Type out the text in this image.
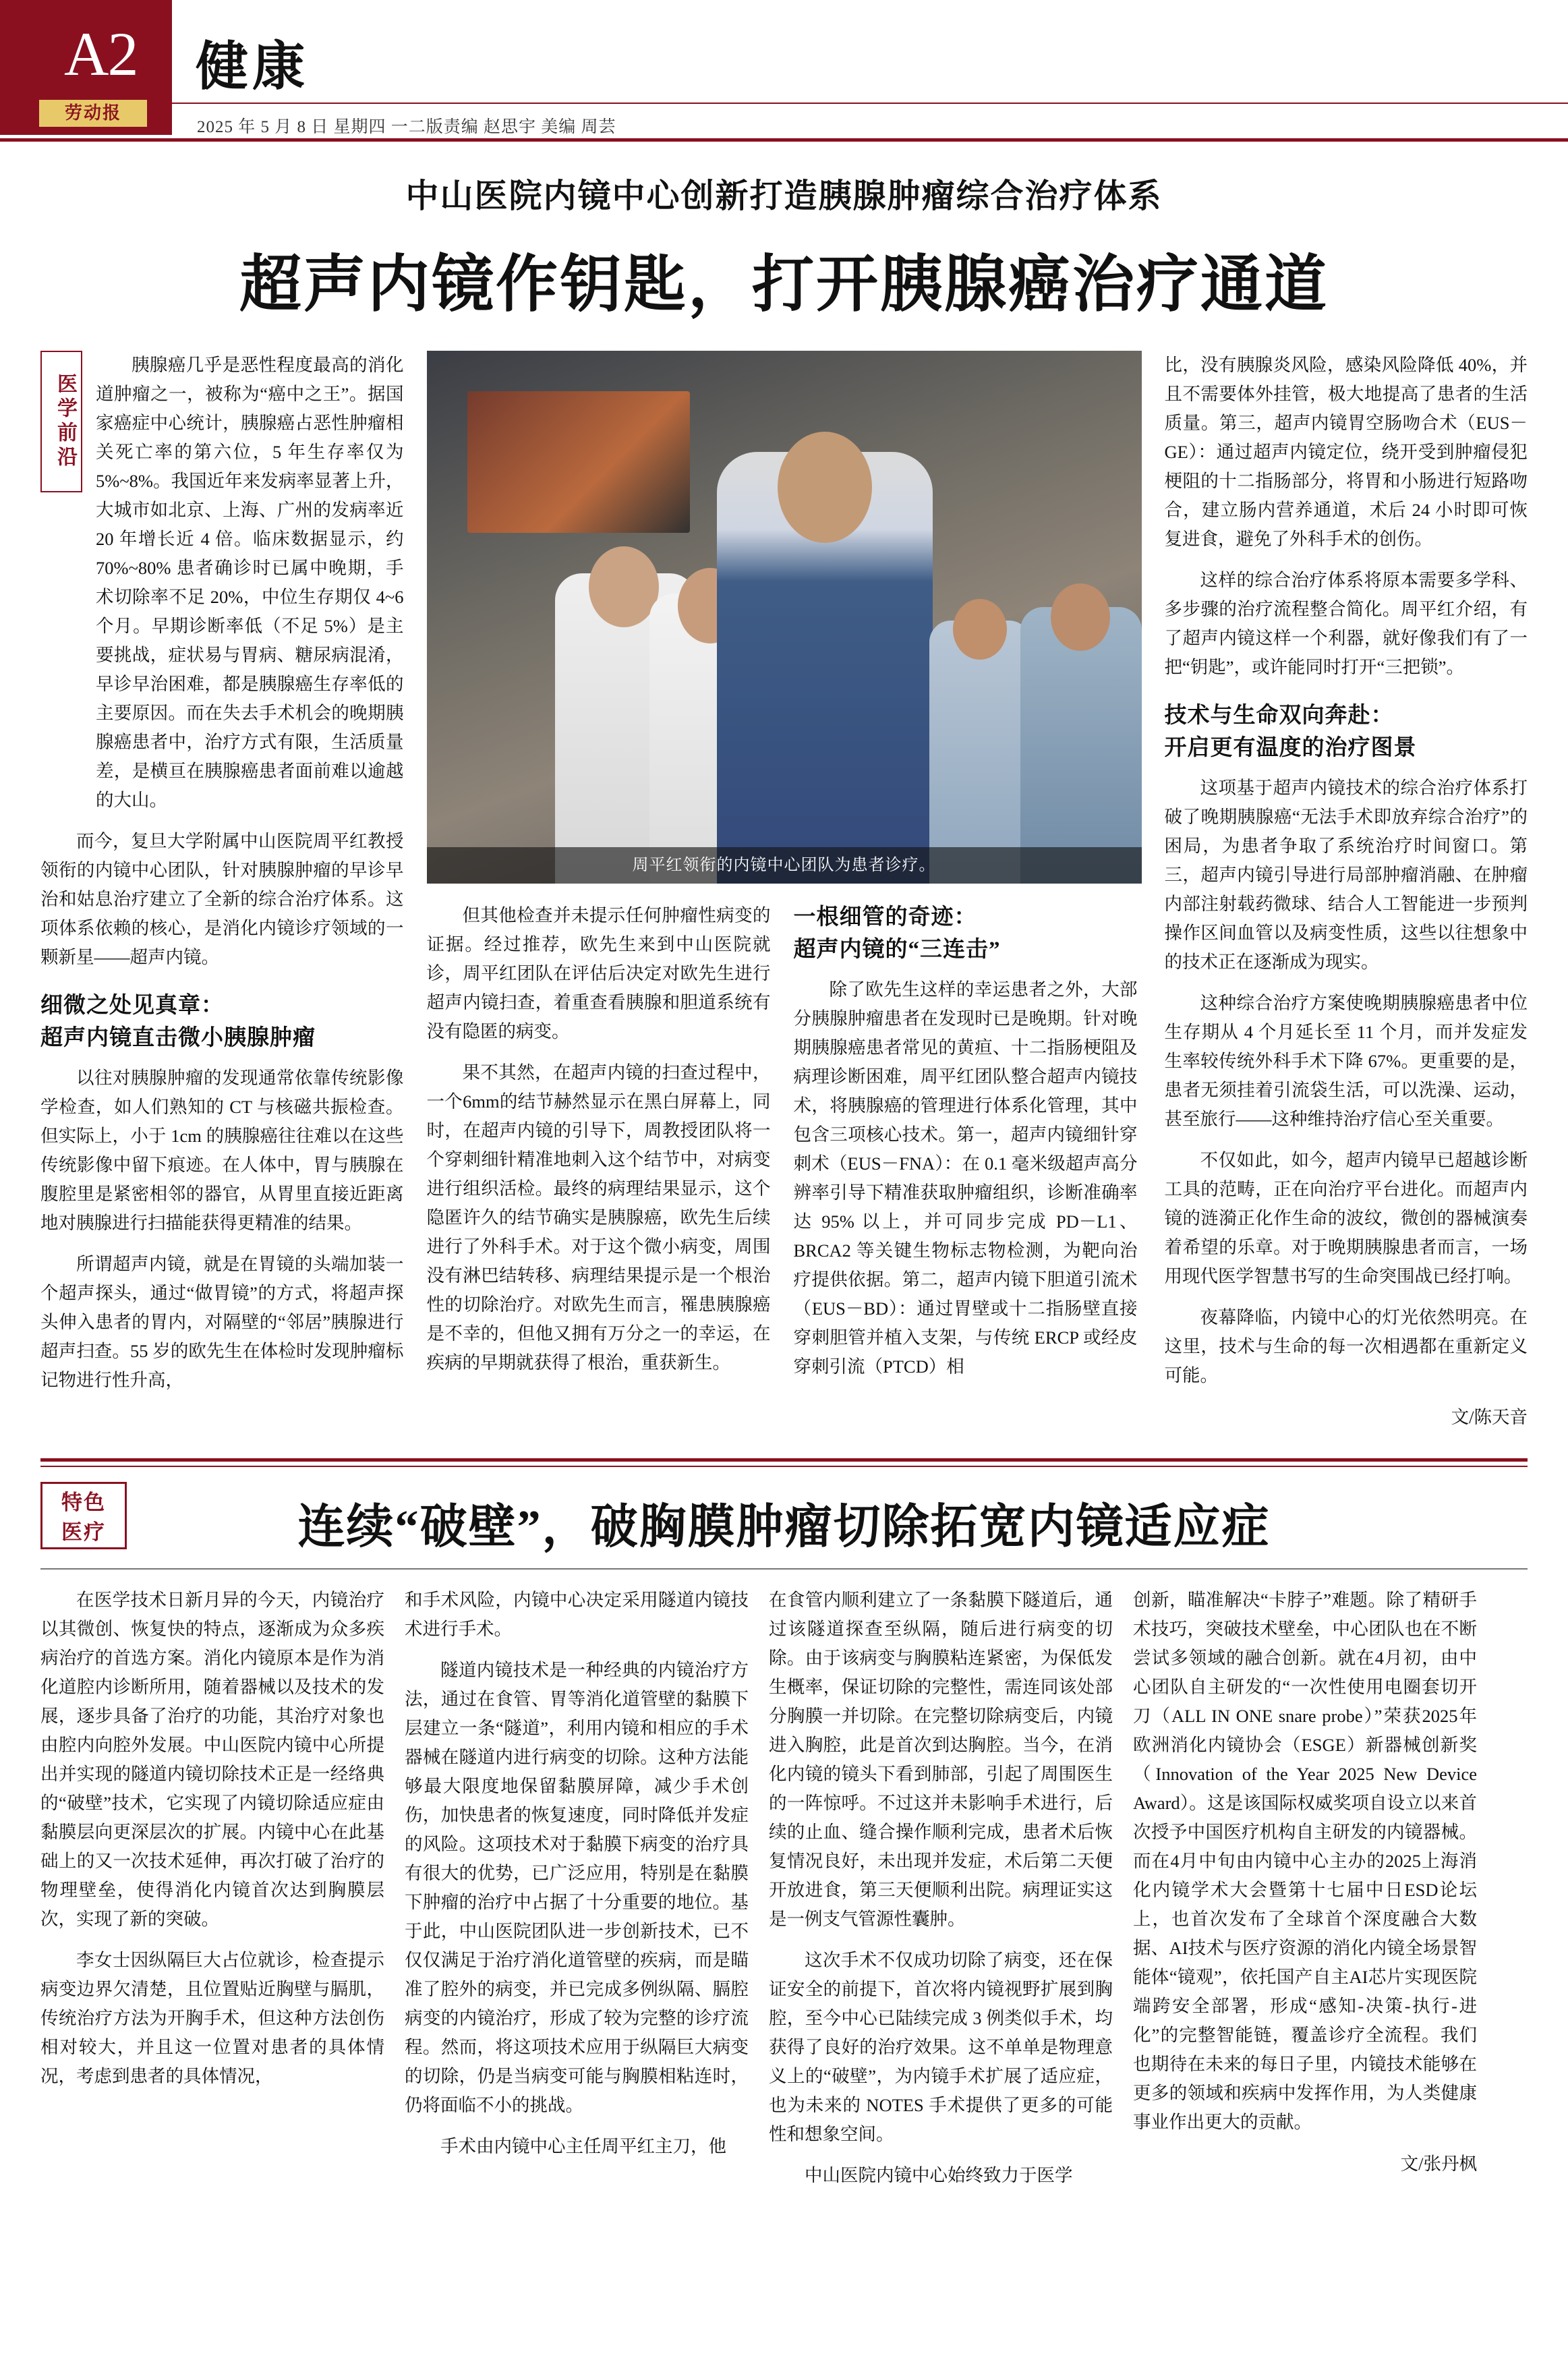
A2
劳动报
健康
2025 年 5 月 8 日 星期四 一二版责编 赵思宇 美编 周芸
中山医院内镜中心创新打造胰腺肿瘤综合治疗体系
超声内镜作钥匙，打开胰腺癌治疗通道
医学前沿

胰腺癌几乎是恶性程度最高的消化道肿瘤之一，被称为“癌中之王”。据国家癌症中心统计，胰腺癌占恶性肿瘤相关死亡率的第六位，5 年生存率仅为 5%~8%。我国近年来发病率显著上升，大城市如北京、上海、广州的发病率近 20 年增长近 4 倍。临床数据显示，约 70%~80% 患者确诊时已属中晚期，手术切除率不足 20%，中位生存期仅 4~6 个月。早期诊断率低（不足 5%）是主要挑战，症状易与胃病、糖尿病混淆，早诊早治困难，都是胰腺癌生存率低的主要原因。而在失去手术机会的晚期胰腺癌患者中，治疗方式有限，生活质量差，是横亘在胰腺癌患者面前难以逾越的大山。

而今，复旦大学附属中山医院周平红教授领衔的内镜中心团队，针对胰腺肿瘤的早诊早治和姑息治疗建立了全新的综合治疗体系。这项体系依赖的核心，是消化内镜诊疗领域的一颗新星——超声内镜。

细微之处见真章：
超声内镜直击微小胰腺肿瘤

以往对胰腺肿瘤的发现通常依靠传统影像学检查，如人们熟知的 CT 与核磁共振检查。但实际上，小于 1cm 的胰腺癌往往难以在这些传统影像中留下痕迹。在人体中，胃与胰腺在腹腔里是紧密相邻的器官，从胃里直接近距离地对胰腺进行扫描能获得更精准的结果。

所谓超声内镜，就是在胃镜的头端加装一个超声探头，通过“做胃镜”的方式，将超声探头伸入患者的胃内，对隔壁的“邻居”胰腺进行超声扫查。55 岁的欧先生在体检时发现肿瘤标记物进行性升高，

周平红领衔的内镜中心团队为患者诊疗。

但其他检查并未提示任何肿瘤性病变的证据。经过推荐，欧先生来到中山医院就诊，周平红团队在评估后决定对欧先生进行超声内镜扫查，着重查看胰腺和胆道系统有没有隐匿的病变。

果不其然，在超声内镜的扫查过程中，一个6mm的结节赫然显示在黑白屏幕上，同时，在超声内镜的引导下，周教授团队将一个穿刺细针精准地刺入这个结节中，对病变进行组织活检。最终的病理结果显示，这个隐匿许久的结节确实是胰腺癌，欧先生后续进行了外科手术。对于这个微小病变，周围没有淋巴结转移、病理结果提示是一个根治性的切除治疗。对欧先生而言，罹患胰腺癌是不幸的，但他又拥有万分之一的幸运，在疾病的早期就获得了根治，重获新生。

一根细管的奇迹：
超声内镜的“三连击”

除了欧先生这样的幸运患者之外，大部分胰腺肿瘤患者在发现时已是晚期。针对晚期胰腺癌患者常见的黄疸、十二指肠梗阻及病理诊断困难，周平红团队整合超声内镜技术，将胰腺癌的管理进行体系化管理，其中包含三项核心技术。第一，超声内镜细针穿刺术（EUS－FNA）：在 0.1 毫米级超声高分辨率引导下精准获取肿瘤组织，诊断准确率达 95% 以上，并可同步完成 PD－L1、BRCA2 等关键生物标志物检测，为靶向治疗提供依据。第二，超声内镜下胆道引流术（EUS－BD）：通过胃壁或十二指肠壁直接穿刺胆管并植入支架，与传统 ERCP 或经皮穿刺引流（PTCD）相

比，没有胰腺炎风险，感染风险降低 40%，并且不需要体外挂管，极大地提高了患者的生活质量。第三，超声内镜胃空肠吻合术（EUS－GE）：通过超声内镜定位，绕开受到肿瘤侵犯梗阻的十二指肠部分，将胃和小肠进行短路吻合，建立肠内营养通道，术后 24 小时即可恢复进食，避免了外科手术的创伤。

这样的综合治疗体系将原本需要多学科、多步骤的治疗流程整合简化。周平红介绍，有了超声内镜这样一个利器，就好像我们有了一把“钥匙”，或许能同时打开“三把锁”。

技术与生命双向奔赴：
开启更有温度的治疗图景

这项基于超声内镜技术的综合治疗体系打破了晚期胰腺癌“无法手术即放弃综合治疗”的困局，为患者争取了系统治疗时间窗口。第三，超声内镜引导进行局部肿瘤消融、在肿瘤内部注射载药微球、结合人工智能进一步预判操作区间血管以及病变性质，这些以往想象中的技术正在逐渐成为现实。

这种综合治疗方案使晚期胰腺癌患者中位生存期从 4 个月延长至 11 个月，而并发症发生率较传统外科手术下降 67%。更重要的是，患者无须挂着引流袋生活，可以洗澡、运动，甚至旅行——这种维持治疗信心至关重要。

不仅如此，如今，超声内镜早已超越诊断工具的范畴，正在向治疗平台进化。而超声内镜的涟漪正化作生命的波纹，微创的器械演奏着希望的乐章。对于晚期胰腺患者而言，一场用现代医学智慧书写的生命突围战已经打响。

夜幕降临，内镜中心的灯光依然明亮。在这里，技术与生命的每一次相遇都在重新定义可能。

文/陈天音
特色
医疗	连续“破壁”，破胸膜肿瘤切除拓宽内镜适应症

在医学技术日新月异的今天，内镜治疗以其微创、恢复快的特点，逐渐成为众多疾病治疗的首选方案。消化内镜原本是作为消化道腔内诊断所用，随着器械以及技术的发展，逐步具备了治疗的功能，其治疗对象也由腔内向腔外发展。中山医院内镜中心所提出并实现的隧道内镜切除技术正是一经络典的“破壁”技术，它实现了内镜切除适应症由黏膜层向更深层次的扩展。内镜中心在此基础上的又一次技术延伸，再次打破了治疗的物理壁垒，使得消化内镜首次达到胸膜层次，实现了新的突破。

李女士因纵隔巨大占位就诊，检查提示病变边界欠清楚，且位置贴近胸壁与膈肌，传统治疗方法为开胸手术，但这种方法创伤相对较大，并且这一位置对患者的具体情况，考虑到患者的具体情况，

和手术风险，内镜中心决定采用隧道内镜技术进行手术。

隧道内镜技术是一种经典的内镜治疗方法，通过在食管、胃等消化道管壁的黏膜下层建立一条“隧道”，利用内镜和相应的手术器械在隧道内进行病变的切除。这种方法能够最大限度地保留黏膜屏障，减少手术创伤，加快患者的恢复速度，同时降低并发症的风险。这项技术对于黏膜下病变的治疗具有很大的优势，已广泛应用，特别是在黏膜下肿瘤的治疗中占据了十分重要的地位。基于此，中山医院团队进一步创新技术，已不仅仅满足于治疗消化道管壁的疾病，而是瞄准了腔外的病变，并已完成多例纵隔、膈腔病变的内镜治疗，形成了较为完整的诊疗流程。然而，将这项技术应用于纵隔巨大病变的切除，仍是当病变可能与胸膜相粘连时，仍将面临不小的挑战。

手术由内镜中心主任周平红主刀，他

在食管内顺利建立了一条黏膜下隧道后，通过该隧道探查至纵隔，随后进行病变的切除。由于该病变与胸膜粘连紧密，为保低发生概率，保证切除的完整性，需连同该处部分胸膜一并切除。在完整切除病变后，内镜进入胸腔，此是首次到达胸腔。当今，在消化内镜的镜头下看到肺部，引起了周围医生的一阵惊呼。不过这并未影响手术进行，后续的止血、缝合操作顺利完成，患者术后恢复情况良好，未出现并发症，术后第二天便开放进食，第三天便顺利出院。病理证实这是一例支气管源性囊肿。

这次手术不仅成功切除了病变，还在保证安全的前提下，首次将内镜视野扩展到胸腔，至今中心已陆续完成 3 例类似手术，均获得了良好的治疗效果。这不单单是物理意义上的“破壁”，为内镜手术扩展了适应症，也为未来的 NOTES 手术提供了更多的可能性和想象空间。

中山医院内镜中心始终致力于医学

创新，瞄准解决“卡脖子”难题。除了精研手术技巧，突破技术壁垒，中心团队也在不断尝试多领域的融合创新。就在4月初，由中心团队自主研发的“一次性使用电圈套切开刀（ALL IN ONE snare probe）”荣获2025年欧洲消化内镜协会（ESGE）新器械创新奖（Innovation of the Year 2025 New Device Award）。这是该国际权威奖项自设立以来首次授予中国医疗机构自主研发的内镜器械。而在4月中旬由内镜中心主办的2025上海消化内镜学术大会暨第十七届中日ESD论坛上，也首次发布了全球首个深度融合大数据、AI技术与医疗资源的消化内镜全场景智能体“镜观”，依托国产自主AI芯片实现医院端跨安全部署，形成“感知-决策-执行-进化”的完整智能链，覆盖诊疗全流程。我们也期待在未来的每日子里，内镜技术能够在更多的领域和疾病中发挥作用，为人类健康事业作出更大的贡献。

文/张丹枫
